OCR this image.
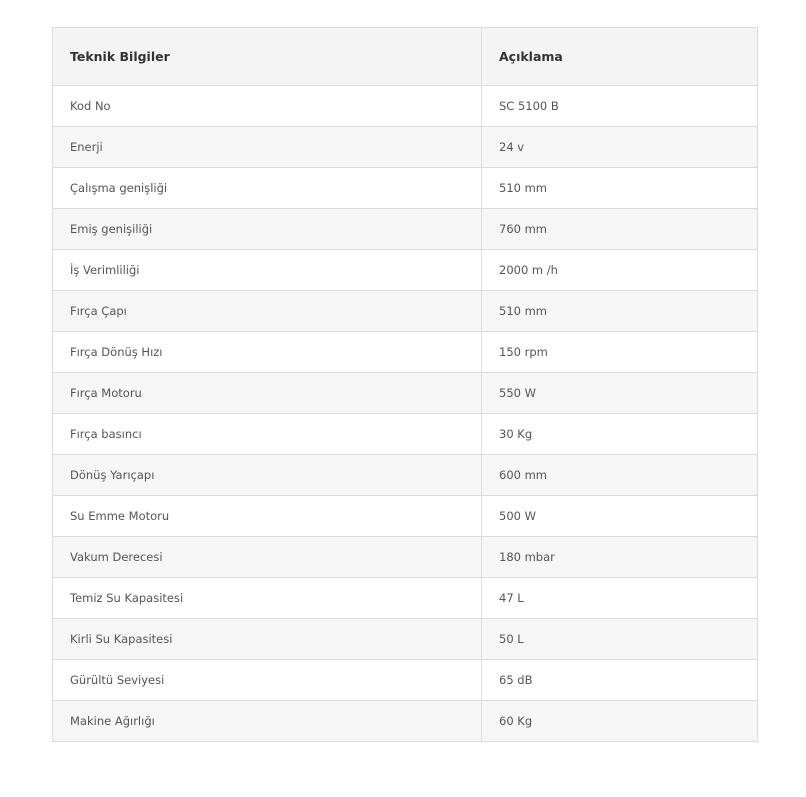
Teknik Bilgiler	Açıklama
Kod No	SC 5100 B
Enerji	24 v
Çalışma genişliği	510 mm
Emiş genişiliği	760 mm
İş Verimliliği	2000 m /h
Fırça Çapı	510 mm
Fırça Dönüş Hızı	150 rpm
Fırça Motoru	550 W
Fırça basıncı	30 Kg
Dönüş Yarıçapı	600 mm
Su Emme Motoru	500 W
Vakum Derecesi	180 mbar
Temiz Su Kapasitesi	47 L
Kirli Su Kapasitesi	50 L
Gürültü Seviyesi	65 dB
Makine Ağırlığı	60 Kg
